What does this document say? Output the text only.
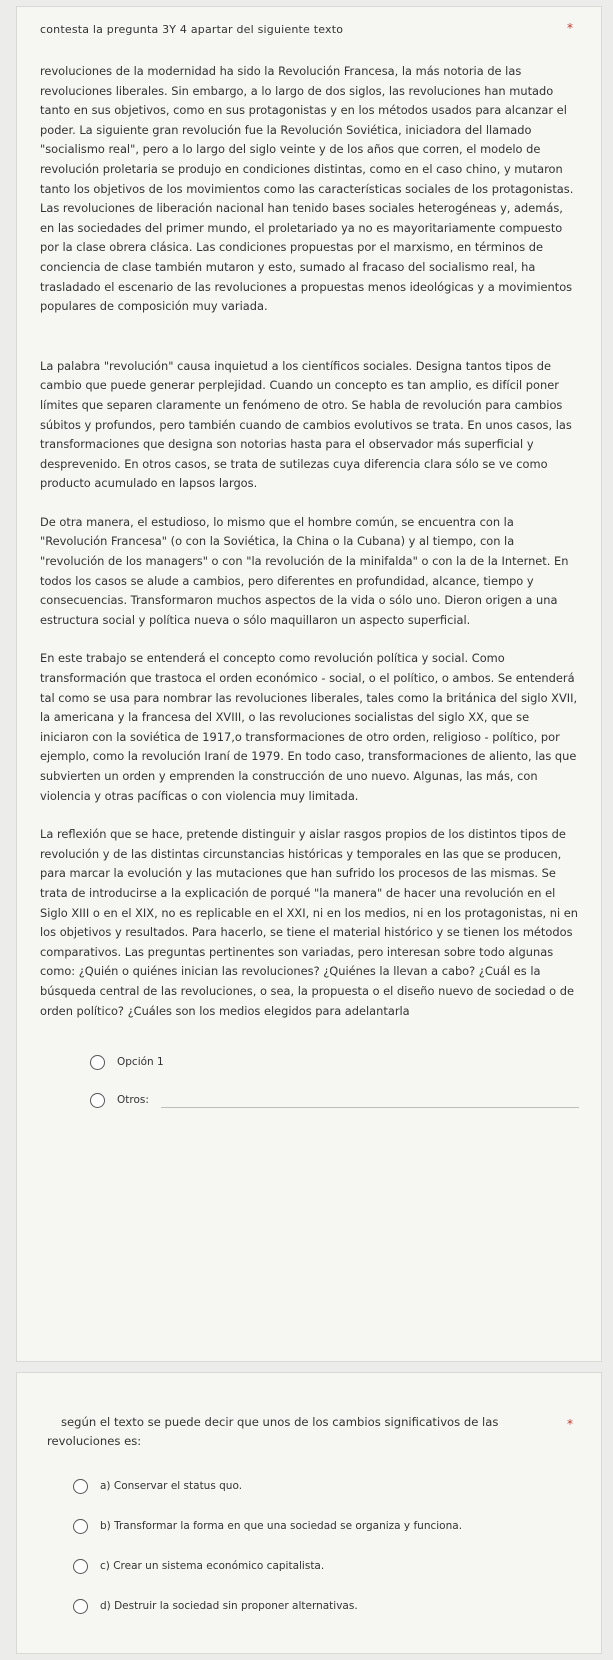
contesta la pregunta 3Y 4 apartar del siguiente texto	*

revoluciones de la modernidad ha sido la Revolución Francesa, la más notoria de las revoluciones liberales. Sin embargo, a lo largo de dos siglos, las revoluciones han mutado tanto en sus objetivos, como en sus protagonistas y en los métodos usados para alcanzar el poder. La siguiente gran revolución fue la Revolución Soviética, iniciadora del llamado "socialismo real", pero a lo largo del siglo veinte y de los años que corren, el modelo de revolución proletaria se produjo en condiciones distintas, como en el caso chino, y mutaron tanto los objetivos de los movimientos como las características sociales de los protagonistas. Las revoluciones de liberación nacional han tenido bases sociales heterogéneas y, además, en las sociedades del primer mundo, el proletariado ya no es mayoritariamente compuesto por la clase obrera clásica. Las condiciones propuestas por el marxismo, en términos de conciencia de clase también mutaron y esto, sumado al fracaso del socialismo real, ha trasladado el escenario de las revoluciones a propuestas menos ideológicas y a movimientos populares de composición muy variada.

La palabra "revolución" causa inquietud a los científicos sociales. Designa tantos tipos de cambio que puede generar perplejidad. Cuando un concepto es tan amplio, es difícil poner límites que separen claramente un fenómeno de otro. Se habla de revolución para cambios súbitos y profundos, pero también cuando de cambios evolutivos se trata. En unos casos, las transformaciones que designa son notorias hasta para el observador más superficial y desprevenido. En otros casos, se trata de sutilezas cuya diferencia clara sólo se ve como producto acumulado en lapsos largos.

De otra manera, el estudioso, lo mismo que el hombre común, se encuentra con la "Revolución Francesa" (o con la Soviética, la China o la Cubana) y al tiempo, con la "revolución de los managers" o con "la revolución de la minifalda" o con la de la Internet. En todos los casos se alude a cambios, pero diferentes en profundidad, alcance, tiempo y consecuencias. Transformaron muchos aspectos de la vida o sólo uno. Dieron origen a una estructura social y política nueva o sólo maquillaron un aspecto superficial.

En este trabajo se entenderá el concepto como revolución política y social. Como transformación que trastoca el orden económico - social, o el político, o ambos. Se entenderá tal como se usa para nombrar las revoluciones liberales, tales como la británica del siglo XVII, la americana y la francesa del XVIII, o las revoluciones socialistas del siglo XX, que se iniciaron con la soviética de 1917,o transformaciones de otro orden, religioso - político, por ejemplo, como la revolución Iraní de 1979. En todo caso, transformaciones de aliento, las que subvierten un orden y emprenden la construcción de uno nuevo. Algunas, las más, con violencia y otras pacíficas o con violencia muy limitada.

La reflexión que se hace, pretende distinguir y aislar rasgos propios de los distintos tipos de revolución y de las distintas circunstancias históricas y temporales en las que se producen, para marcar la evolución y las mutaciones que han sufrido los procesos de las mismas. Se trata de introducirse a la explicación de porqué "la manera" de hacer una revolución en el Siglo XIII o en el XIX, no es replicable en el XXI, ni en los medios, ni en los protagonistas, ni en los objetivos y resultados. Para hacerlo, se tiene el material histórico y se tienen los métodos comparativos. Las preguntas pertinentes son variadas, pero interesan sobre todo algunas como: ¿Quién o quiénes inician las revoluciones? ¿Quiénes la llevan a cabo? ¿Cuál es la búsqueda central de las revoluciones, o sea, la propuesta o el diseño nuevo de sociedad o de orden político? ¿Cuáles son los medios elegidos para adelantarla

Opción 1
Otros:
según el texto se puede decir que unos de los cambios significativos de las
revoluciones es:
*
a) Conservar el status quo.
b) Transformar la forma en que una sociedad se organiza y funciona.
c) Crear un sistema económico capitalista.
d) Destruir la sociedad sin proponer alternativas.
